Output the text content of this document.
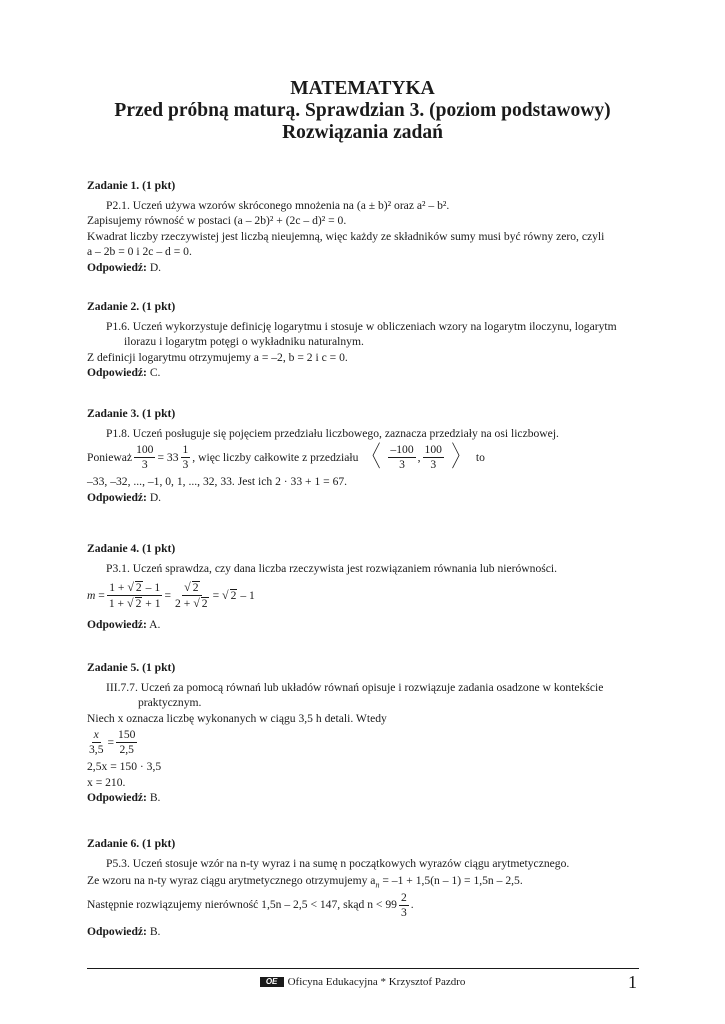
MATEMATYKA
Przed próbną maturą. Sprawdzian 3. (poziom podstawowy)
Rozwiązania zadań
Zadanie 1. (1 pkt)
P2.1. Uczeń używa wzorów skróconego mnożenia na (a ± b)² oraz a² – b².
Zapisujemy równość w postaci (a – 2b)² + (2c – d)² = 0.
Kwadrat liczby rzeczywistej jest liczbą nieujemną, więc każdy ze składników sumy musi być równy zero, czyli
a – 2b = 0 i 2c – d = 0.
Odpowiedź: D.
Zadanie 2. (1 pkt)
P1.6. Uczeń wykorzystuje definicję logarytmu i stosuje w obliczeniach wzory na logarytm iloczynu, logarytm ilorazu i logarytm potęgi o wykładniku naturalnym.
Z definicji logarytmu otrzymujemy a = –2, b = 2 i c = 0.
Odpowiedź: C.
Zadanie 3. (1 pkt)
P1.8. Uczeń posługuje się pojęciem przedziału liczbowego, zaznacza przedziały na osi liczbowej.
Ponieważ $\frac{100}{3} = 33 \frac{1}{3}$ , więc liczby całkowite z przedziału 〈 $\frac{-100}{3}$ , $\frac{100}{3}$ 〉 to
–33, –32, ..., –1, 0, 1, ..., 32, 33. Jest ich 2 · 33 + 1 = 67.
Odpowiedź: D.
Zadanie 4. (1 pkt)
P3.1. Uczeń sprawdza, czy dana liczba rzeczywista jest rozwiązaniem równania lub nierówności.
m
= $\frac{1 + √ 2 - 1}{1 + √ 2 + 1} = \frac{√ 2}{2 + √ 2}$ =
√ 2
– 1
Odpowiedź: A.
Zadanie 5. (1 pkt)
III.7.7. Uczeń za pomocą równań lub układów równań opisuje i rozwiązuje zadania osadzone w kontekście praktycznym.
Niech x oznacza liczbę wykonanych w ciągu 3,5 h detali. Wtedy
$\frac{x}{3,5} = \frac{150}{2,5}$
2,5x = 150 · 3,5
x = 210.
Odpowiedź: B.
Zadanie 6. (1 pkt)
P5.3. Uczeń stosuje wzór na n-ty wyraz i na sumę n początkowych wyrazów ciągu arytmetycznego.
Ze wzoru na n-ty wyraz ciągu arytmetycznego otrzymujemy $a_n = -1 + 1,5(n - 1) = 1,5n - 2,5$.
Następnie rozwiązujemy nierówność 1,5n – 2,5 < 147, skąd $n < 99 \frac{2}{3}$ .
Odpowiedź: B.
OE Oficyna Edukacyjna * Krzysztof Pazdro	1
